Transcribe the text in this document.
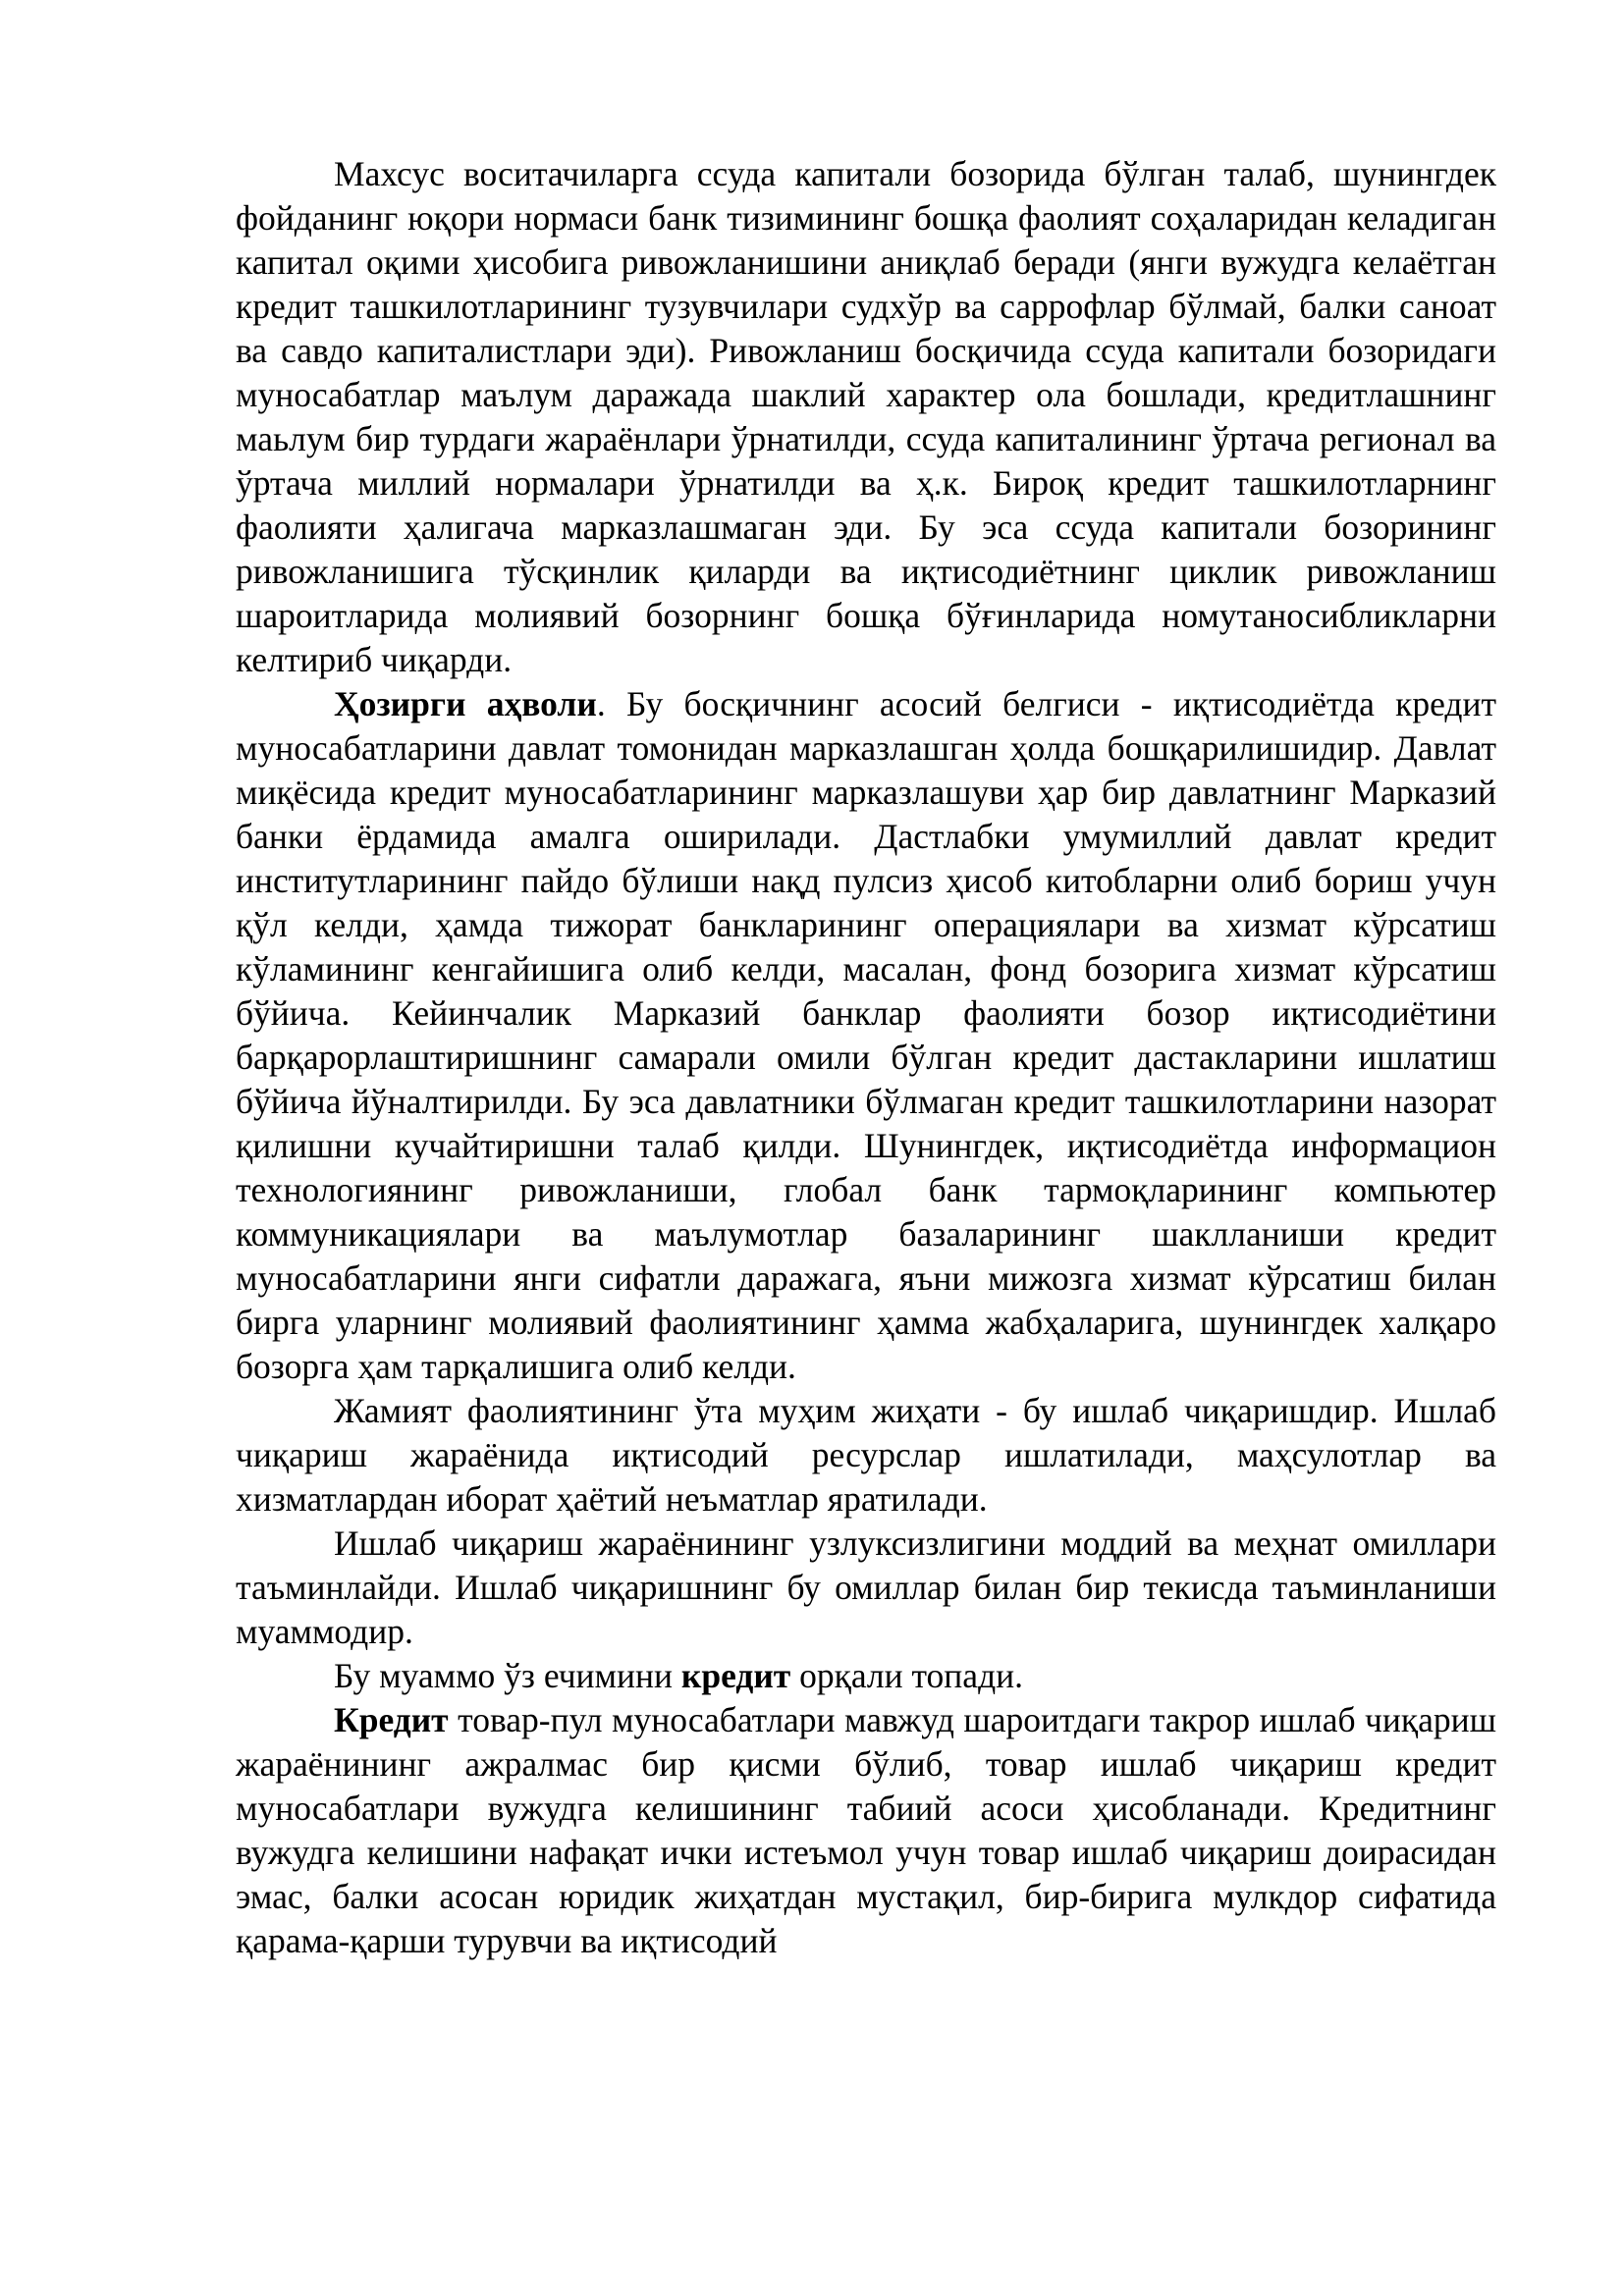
Махсус воситачиларга ссуда капитали бозорида бўлган талаб, шунингдек фойданинг юқори нормаси банк тизимининг бошқа фаолият соҳаларидан келадиган капитал оқими ҳисобига ривожланишини аниқлаб беради (янги вужудга келаётган кредит ташкилотларининг тузувчилари судхўр ва саррофлар бўлмай, балки саноат ва савдо капиталистлари эди). Ривожланиш босқичида ссуда капитали бозоридаги муносабатлар маълум даражада шаклий характер ола бошлади, кредитлашнинг маьлум бир турдаги жараёнлари ўрнатилди, ссуда капиталининг ўртача регионал ва ўртача миллий нормалари ўрнатилди ва ҳ.к. Бироқ кредит ташкилотларнинг фаолияти ҳалигача марказлашмаган эди. Бу эса ссуда капитали бозорининг ривожланишига тўсқинлик қиларди ва иқтисодиётнинг циклик ривожланиш шароитларида молиявий бозорнинг бошқа бўғинларида номутаносибликларни келтириб чиқарди.

Ҳозирги аҳволи. Бу босқичнинг асосий белгиси - иқтисодиётда кредит муносабатларини давлат томонидан марказлашган ҳолда бошқарилишидир. Давлат миқёсида кредит муносабатларининг марказлашуви ҳар бир давлатнинг Марказий банки ёрдамида амалга оширилади. Дастлабки умумиллий давлат кредит институтларининг пайдо бўлиши нақд пулсиз ҳисоб китобларни олиб бориш учун қўл келди, ҳамда тижорат банкларининг операциялари ва хизмат кўрсатиш кўламининг кенгайишига олиб келди, масалан, фонд бозорига хизмат кўрсатиш бўйича. Кейинчалик Марказий банклар фаолияти бозор иқтисодиётини барқарорлаштиришнинг самарали омили бўлган кредит дастакларини ишлатиш бўйича йўналтирилди. Бу эса давлатники бўлмаган кредит ташкилотларини назорат қилишни кучайтиришни талаб қилди. Шунингдек, иқтисодиётда информацион технологиянинг ривожланиши, глобал банк тармоқларининг компьютер коммуникациялари ва маълумотлар базаларининг шаклланиши кредит муносабатларини янги сифатли даражага, яъни мижозга хизмат кўрсатиш билан бирга уларнинг молиявий фаолиятининг ҳамма жабҳаларига, шунингдек халқаро бозорга ҳам тарқалишига олиб келди.

Жамият фаолиятининг ўта муҳим жиҳати - бу ишлаб чиқаришдир. Ишлаб чиқариш жараёнида иқтисодий ресурслар ишлатилади, маҳсулотлар ва хизматлардан иборат ҳаётий неъматлар яратилади.

Ишлаб чиқариш жараёнининг узлуксизлигини моддий ва меҳнат омиллари таъминлайди. Ишлаб чиқаришнинг бу омиллар билан бир текисда таъминланиши муаммодир.

Бу муаммо ўз ечимини кредит орқали топади.

Кредит товар-пул муносабатлари мавжуд шароитдаги такрор ишлаб чиқариш жараёнининг ажралмас бир қисми бўлиб, товар ишлаб чиқариш кредит муносабатлари вужудга келишининг табиий асоси ҳисобланади. Кредитнинг вужудга келишини нафақат ички истеъмол учун товар ишлаб чиқариш доирасидан эмас, балки асосан юридик жиҳатдан мустақил, бир-бирига мулкдор сифатида қарама-қарши турувчи ва иқтисодий
